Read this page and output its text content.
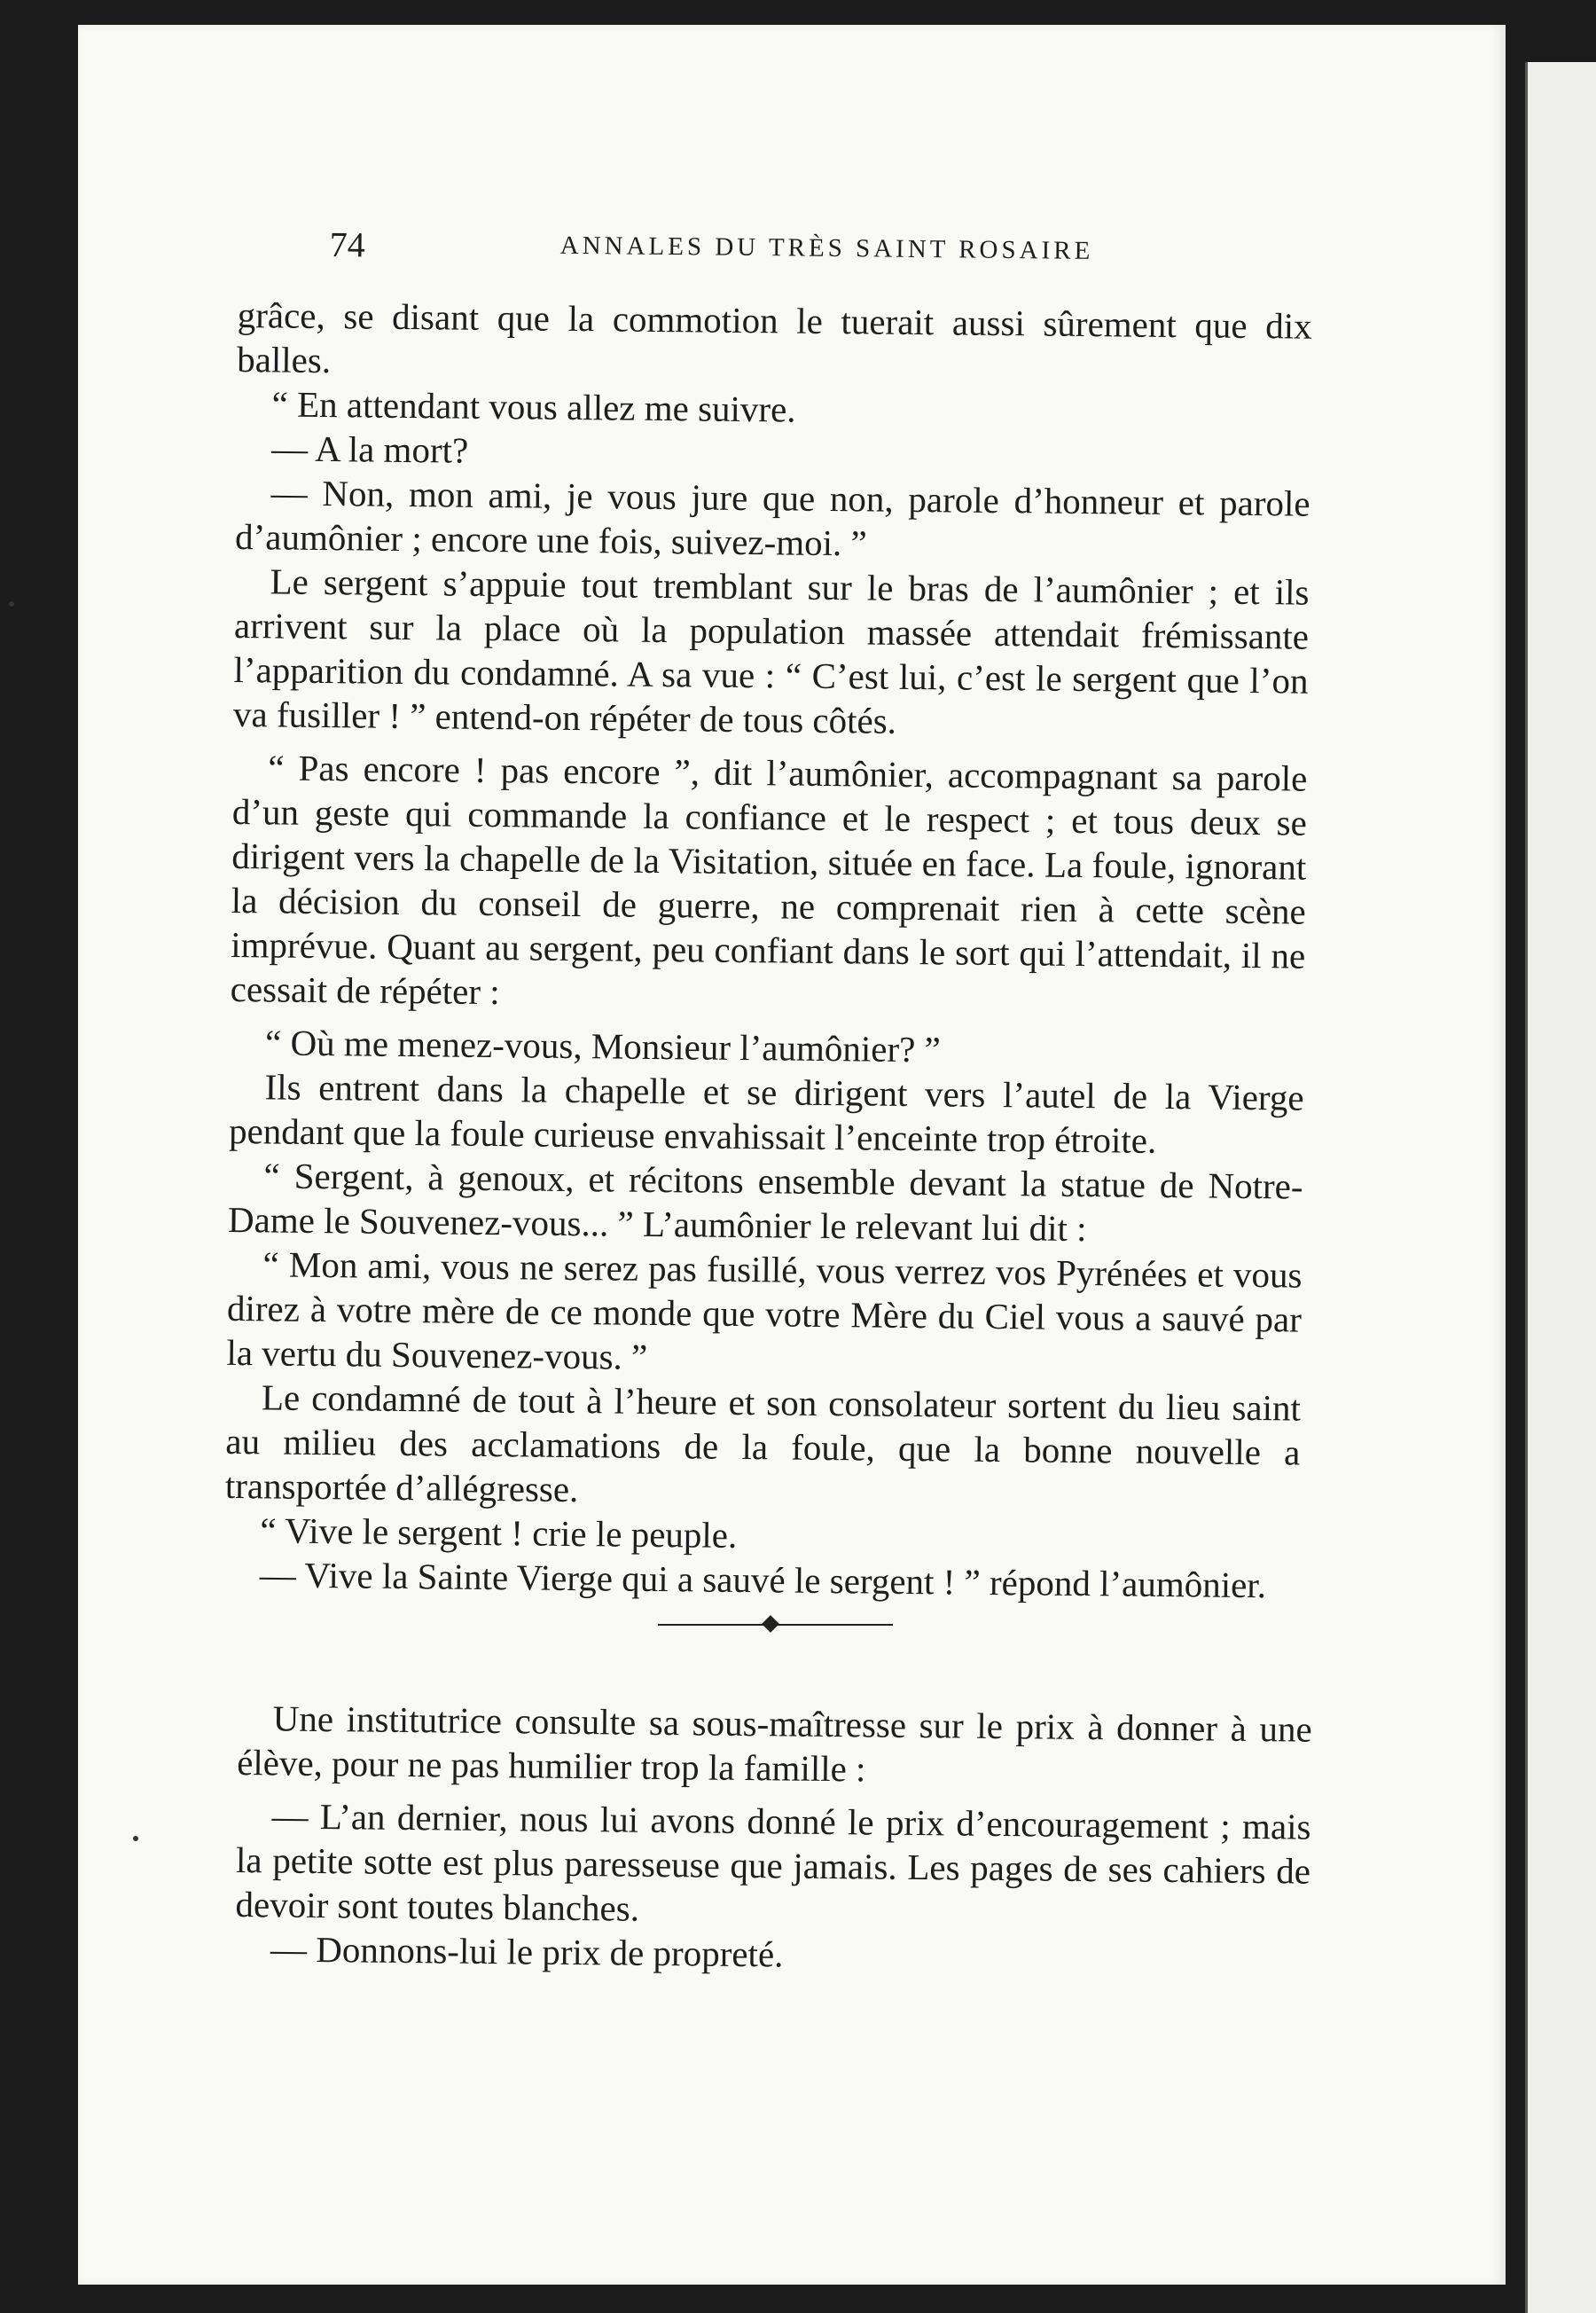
74	ANNALES DU TRÈS SAINT ROSAIRE

grâce, se disant que la commotion le tuerait aussi sûrement que dix balles.

“ En attendant vous allez me suivre.

— A la mort?

— Non, mon ami, je vous jure que non, parole d’honneur et parole d’aumônier ; encore une fois, suivez-moi. ”

Le sergent s’appuie tout tremblant sur le bras de l’aumônier ; et ils arrivent sur la place où la population massée attendait frémissante l’apparition du condamné. A sa vue : “ C’est lui, c’est le sergent que l’on va fusiller ! ” entend-on répéter de tous côtés.

“ Pas encore ! pas encore ”, dit l’aumônier, accompagnant sa parole d’un geste qui commande la confiance et le respect ; et tous deux se dirigent vers la chapelle de la Visitation, située en face. La foule, ignorant la décision du conseil de guerre, ne comprenait rien à cette scène imprévue. Quant au sergent, peu confiant dans le sort qui l’attendait, il ne cessait de répéter :

“ Où me menez-vous, Monsieur l’aumônier? ”

Ils entrent dans la chapelle et se dirigent vers l’autel de la Vierge pendant que la foule curieuse envahissait l’enceinte trop étroite.

“ Sergent, à genoux, et récitons ensemble devant la statue de Notre-Dame le Souvenez-vous... ” L’aumônier le relevant lui dit :

“ Mon ami, vous ne serez pas fusillé, vous verrez vos Pyrénées et vous direz à votre mère de ce monde que votre Mère du Ciel vous a sauvé par la vertu du Souvenez-vous. ”

Le condamné de tout à l’heure et son consolateur sortent du lieu saint au milieu des acclamations de la foule, que la bonne nouvelle a transportée d’allégresse.

“ Vive le sergent ! crie le peuple.

— Vive la Sainte Vierge qui a sauvé le sergent ! ” répond l’aumônier.

Une institutrice consulte sa sous-maîtresse sur le prix à donner à une élève, pour ne pas humilier trop la famille :

— L’an dernier, nous lui avons donné le prix d’encouragement ; mais la petite sotte est plus paresseuse que jamais. Les pages de ses cahiers de devoir sont toutes blanches.

— Donnons-lui le prix de propreté.
